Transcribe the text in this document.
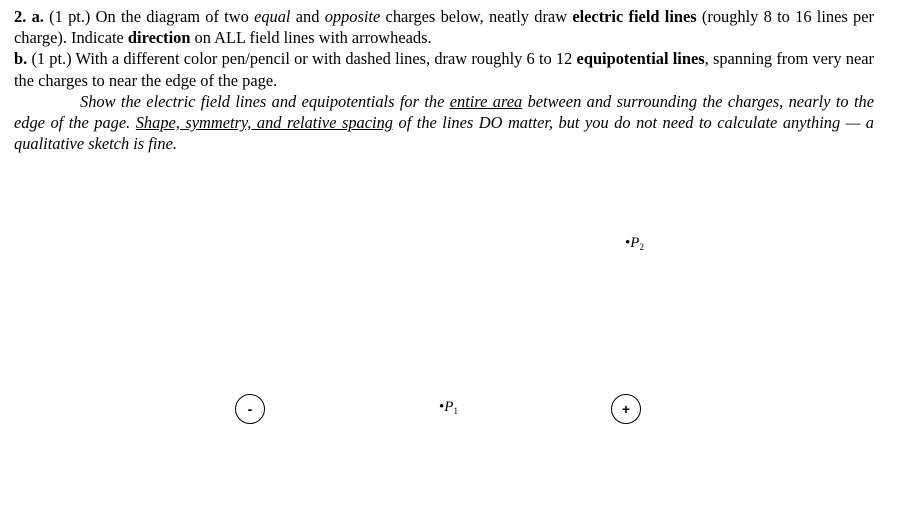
2. a. (1 pt.) On the diagram of two equal and opposite charges below, neatly draw electric field lines (roughly 8 to 16 lines per charge). Indicate direction on ALL field lines with arrowheads.

b. (1 pt.) With a different color pen/pencil or with dashed lines, draw roughly 6 to 12 equipotential lines, spanning from very near the charges to near the edge of the page.

Show the electric field lines and equipotentials for the entire area between and surrounding the charges, nearly to the edge of the page. Shape, symmetry, and relative spacing of the lines DO matter, but you do not need to calculate anything — a qualitative sketch is fine.

-	+
$•P_1$
$•P_2$
